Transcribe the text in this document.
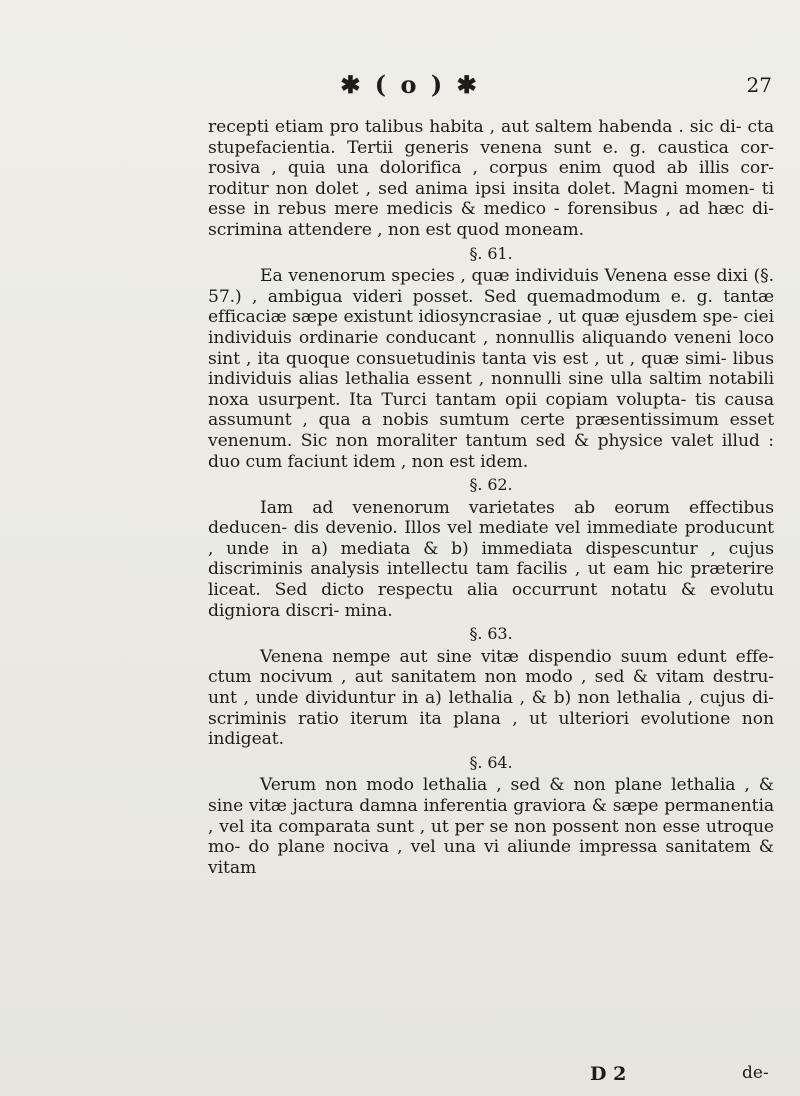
✱ ( o ) ✱	27

recepti etiam pro talibus habita , aut saltem habenda . sic di- cta stupefacientia. Tertii generis venena sunt e. g. caustica cor- rosiva , quia una dolorifica , corpus enim quod ab illis cor- roditur non dolet , sed anima ipsi insita dolet. Magni momen- ti esse in rebus mere medicis & medico - forensibus , ad hæc di- scrimina attendere , non est quod moneam.

§. 61.

Ea venenorum species , quæ individuis Venena esse dixi (§. 57.) , ambigua videri posset. Sed quemadmodum e. g. tantæ efficaciæ sæpe existunt idiosyncrasiae , ut quæ ejusdem spe- ciei individuis ordinarie conducant , nonnullis aliquando veneni loco sint , ita quoque consuetudinis tanta vis est , ut , quæ simi- libus individuis alias lethalia essent , nonnulli sine ulla saltim notabili noxa usurpent. Ita Turci tantam opii copiam volupta- tis causa assumunt , qua a nobis sumtum certe præsentissimum esset venenum. Sic non moraliter tantum sed & physice valet illud : duo cum faciunt idem , non est idem.

§. 62.

Iam ad venenorum varietates ab eorum effectibus deducen- dis devenio. Illos vel mediate vel immediate producunt , unde in a) mediata & b) immediata dispescuntur , cujus discriminis analysis intellectu tam facilis , ut eam hic præterire liceat. Sed dicto respectu alia occurrunt notatu & evolutu digniora discri- mina.

§. 63.

Venena nempe aut sine vitæ dispendio suum edunt effe- ctum nocivum , aut sanitatem non modo , sed & vitam destru- unt , unde dividuntur in a) lethalia , & b) non lethalia , cujus di- scriminis ratio iterum ita plana , ut ulteriori evolutione non indigeat.

§. 64.

Verum non modo lethalia , sed & non plane lethalia , & sine vitæ jactura damna inferentia graviora & sæpe permanentia , vel ita comparata sunt , ut per se non possent non esse utroque mo- do plane nociva , vel una vi aliunde impressa sanitatem & vitam

D 2	de-
